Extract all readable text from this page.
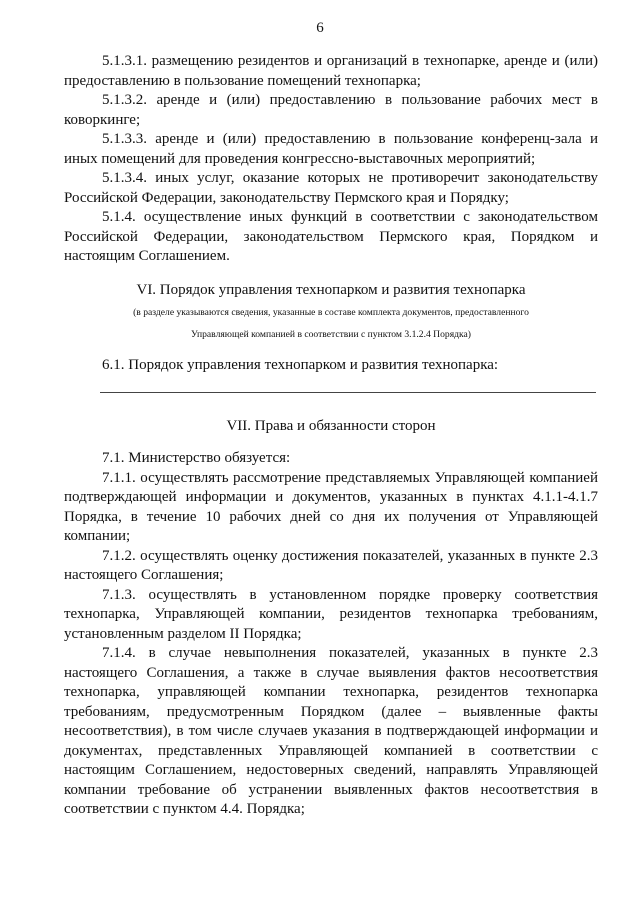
6

5.1.3.1. размещению резидентов и организаций в технопарке, аренде и (или) предоставлению в пользование помещений технопарка;

5.1.3.2. аренде и (или) предоставлению в пользование рабочих мест в коворкинге;

5.1.3.3. аренде и (или) предоставлению в пользование конференц-зала и иных помещений для проведения конгрессно-выставочных мероприятий;

5.1.3.4. иных услуг, оказание которых не противоречит законодательству Российской Федерации, законодательству Пермского края и Порядку;

5.1.4. осуществление иных функций в соответствии с законодательством Российской Федерации, законодательством Пермского края, Порядком и настоящим Соглашением.

VI. Порядок управления технопарком и развития технопарка
(в разделе указываются сведения, указанные в составе комплекта документов, предоставленного
Управляющей компанией в соответствии с пунктом 3.1.2.4 Порядка)

6.1. Порядок управления технопарком и развития технопарка:

VII. Права и обязанности сторон

7.1. Министерство обязуется:

7.1.1. осуществлять рассмотрение представляемых Управляющей компанией подтверждающей информации и документов, указанных в пунктах 4.1.1-4.1.7 Порядка, в течение 10 рабочих дней со дня их получения от Управляющей компании;

7.1.2. осуществлять оценку достижения показателей, указанных в пункте 2.3 настоящего Соглашения;

7.1.3. осуществлять в установленном порядке проверку соответствия технопарка, Управляющей компании, резидентов технопарка требованиям, установленным разделом II Порядка;

7.1.4. в случае невыполнения показателей, указанных в пункте 2.3 настоящего Соглашения, а также в случае выявления фактов несоответствия технопарка, управляющей компании технопарка, резидентов технопарка требованиям, предусмотренным Порядком (далее – выявленные факты несоответствия), в том числе случаев указания в подтверждающей информации и документах, представленных Управляющей компанией в соответствии с настоящим Соглашением, недостоверных сведений, направлять Управляющей компании требование об устранении выявленных фактов несоответствия в соответствии с пунктом 4.4. Порядка;
